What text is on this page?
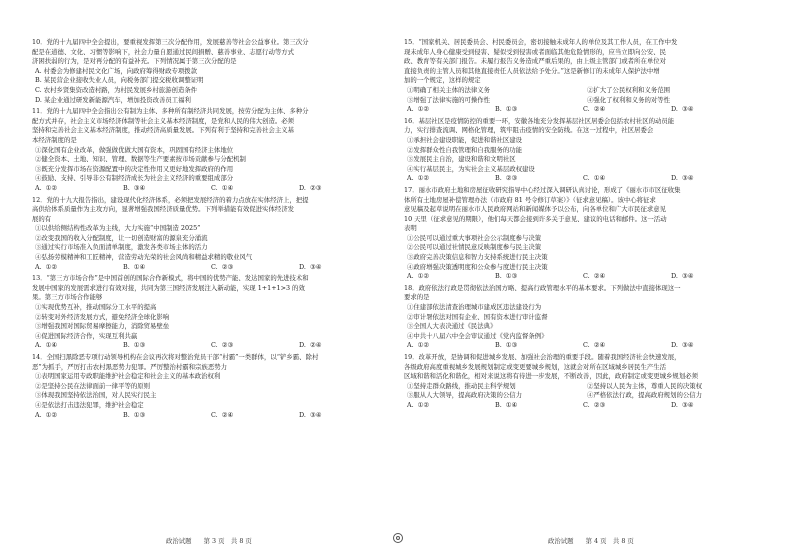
10．党的十九届四中全会提出，要重视发挥第三次分配作用，发展慈善等社会公益事业。第三次分
配是在道德、文化、习惯等影响下，社会力量自愿通过民间捐赠、慈善事业、志愿行动等方式
济困扶弱的行为，是对再分配的有益补充。下列情况属于第三次分配的是
A. 村委会为修建村民文化广场，向政府筹得财政专项拨款
B. 某民营企业接收失业人员，向税务部门提交税收调整证明
C. 农村乡贤集资改造村路，为村民发展乡村旅游创造条件
D. 某企业通过研发新能源汽车，增加投资改善员工福利
11．党的十九届四中全会指出公有制为主体、多种所有制经济共同发展，按劳分配为主体、多种分
配方式并存，社会主义市场经济体制等社会主义基本经济制度，是党和人民的伟大创造。必须
坚持和完善社会主义基本经济制度，推动经济高质量发展。下列有利于坚持和完善社会主义基
本经济制度的是
①深化国有企业改革，做强做优做大国有资本，巩固国有经济主体地位
②健全资本、土地、知识、管理、数据等生产要素按市场贡献参与分配机制
③既充分发挥市场在资源配置中的决定性作用又更好地发挥政府的作用
④鼓励、支持、引导非公有制经济成长为社会主义经济的重要组成部分
A. ①②	B. ③④	C. ①④	D. ②③
12．党的十九大报告指出，建设现代化经济体系，必须把发展经济的着力点放在实体经济上，把提
高供给体系质量作为主攻方向，显著增强我国经济质量优势。下列举措能有效促进实体经济发
展的有
①以供给侧结构性改革为主线，大力实施“中国制造 2025”
②改变我国的收入分配制度，让一切创造财富的源泉充分涌流
③通过实行市场准入负面清单制度，激发各类市场主体的活力
④弘扬劳模精神和工匠精神，营造劳动光荣的社会风尚和精益求精的敬业风气
A. ①②	B. ①④	C. ②③	D. ③④
13．“第三方市场合作”是中国首创的国际合作新模式，将中国的优势产能、发达国家的先进技术和
发展中国家的发展需求进行有效对接，共同为第三国经济发展注入新动能，实现 1+1+1>3 的效
果。第三方市场合作能够
①实现优势互补，推动国际分工水平的提高
②转变对外经济发展方式，避免经济全球化影响
③增强我国对国际贸易摩擦能力，消除贸易壁垒
④促进国际经济合作，实现互利共赢
A. ①④	B. ①③	C. ②③	D. ②④
14．全国扫黑除恶专项行动领导机构在会议再次将对整治党员干部“村霸”一类群体，以“铲乡霸、除村
恶”为抓手，严厉打击农村黑恶势力犯罪。严厉整治村霸和宗族恶势力
①表明国家运用专政职能维护社会稳定和社会主义的基本政治权利
②是坚持公民在法律面前一律平等的原则
③体现我国坚持依法治国，对人民实行民主
④是依法打击违法犯罪，维护社会稳定
A. ①②	B. ①③	C. ②④	D. ③④
15．“国家机关、居民委员会、村民委员会，密切接触未成年人的单位及其工作人员，在工作中发
现未成年人身心健康受到侵害、疑似受到侵害或者面临其他危险情形的，应当立即向公安、民
政、教育等有关部门报告。未履行报告义务造成严重后果的，由上级主管部门或者所在单位对
直接负责的主管人员和其他直接责任人员依法给予处分。”这是新修订的未成年人保护法中增
加的一个规定，这样的规定
①明确了相关主体的法律义务	②扩大了公民权利和义务范围
③增强了法律实施的可操作性	④强化了权利和义务的对等性
A. ①②	B. ①③	C. ②④	D. ③④
16．基层社区是疫情防控的重要一环，安徽各地充分发挥基层社区居委会包括农村社区的动员能
力，实行排查流调、网格化管理，筑牢阻击疫情的安全防线。在这一过程中，社区居委会
①承担社会建设职能，促进和谐社区建设
②发挥群众性自我管理和自我服务的功能
③发展民主自治，建设和谐和文明社区
④实行基层民主，为实社会主义基层政权建设
A. ①②	B. ②③	C. ①④	D. ③④
17．丽水市政府土地和房屋征收研究指导中心经过深入调研认真讨论，形成了《丽水市市区征收集
体所有土地房屋补偿管理办法（市政府 81 号令修订草案）》（征求意见稿）。该中心将征求
意见稿及起草说明在丽水市人民政府网站和新闻媒体予以公布，向各单位和广大市民征求意见
10 天里（征求意见的期限），他们每天都会接到许多关于意见、建议的电话和邮件。这一活动
表明
①公民可以通过重大事项社会公示制度参与决策
②公民可以通过社情民意反映制度参与民主决策
③政府完善决策信息和智力支持系统进行民主决策
④政府增强决策透明度和公众参与度进行民主决策
A. ①②	B. ①③	C. ②④	D. ③④
18．政府依法行政是贯彻依法治国方略、提高行政管理水平的基本要求。下列做法中直接体现这一
要求的是
①住建部依法清查治理城市建成区违法建设行为
②审计署依法对国有企业、国有资本进行审计监督
③全国人大表决通过《民法典》
④中共十八届六中全会审议通过《党内监督条例》
A. ①②	B. ①③	C. ②④	D. ③④
19．改革开放，是协调和促进城乡发展、加强社会治理的重要手段。随着我国经济社会快速发展，
各级政府高度重视城乡发展规划制定或变更要城乡规划，这就会对所在区域城乡居民生产生活
区域和谐和活化和谐化，相对来说这将有待进一步发展，不断改善，因此，政府制定或变更城乡规划必须
①坚持走群众路线，推动民主科学规划	②坚持以人民为主体，尊重人民的决策权
③服从人大领导，提高政府决策的公信力	④严格依法行政，提高政府规划的公信力
A. ①②	B. ①④	C. ②③	D. ③④
政治试题 第 3 页　共 8 页	政治试题 第 4 页　共 8 页
